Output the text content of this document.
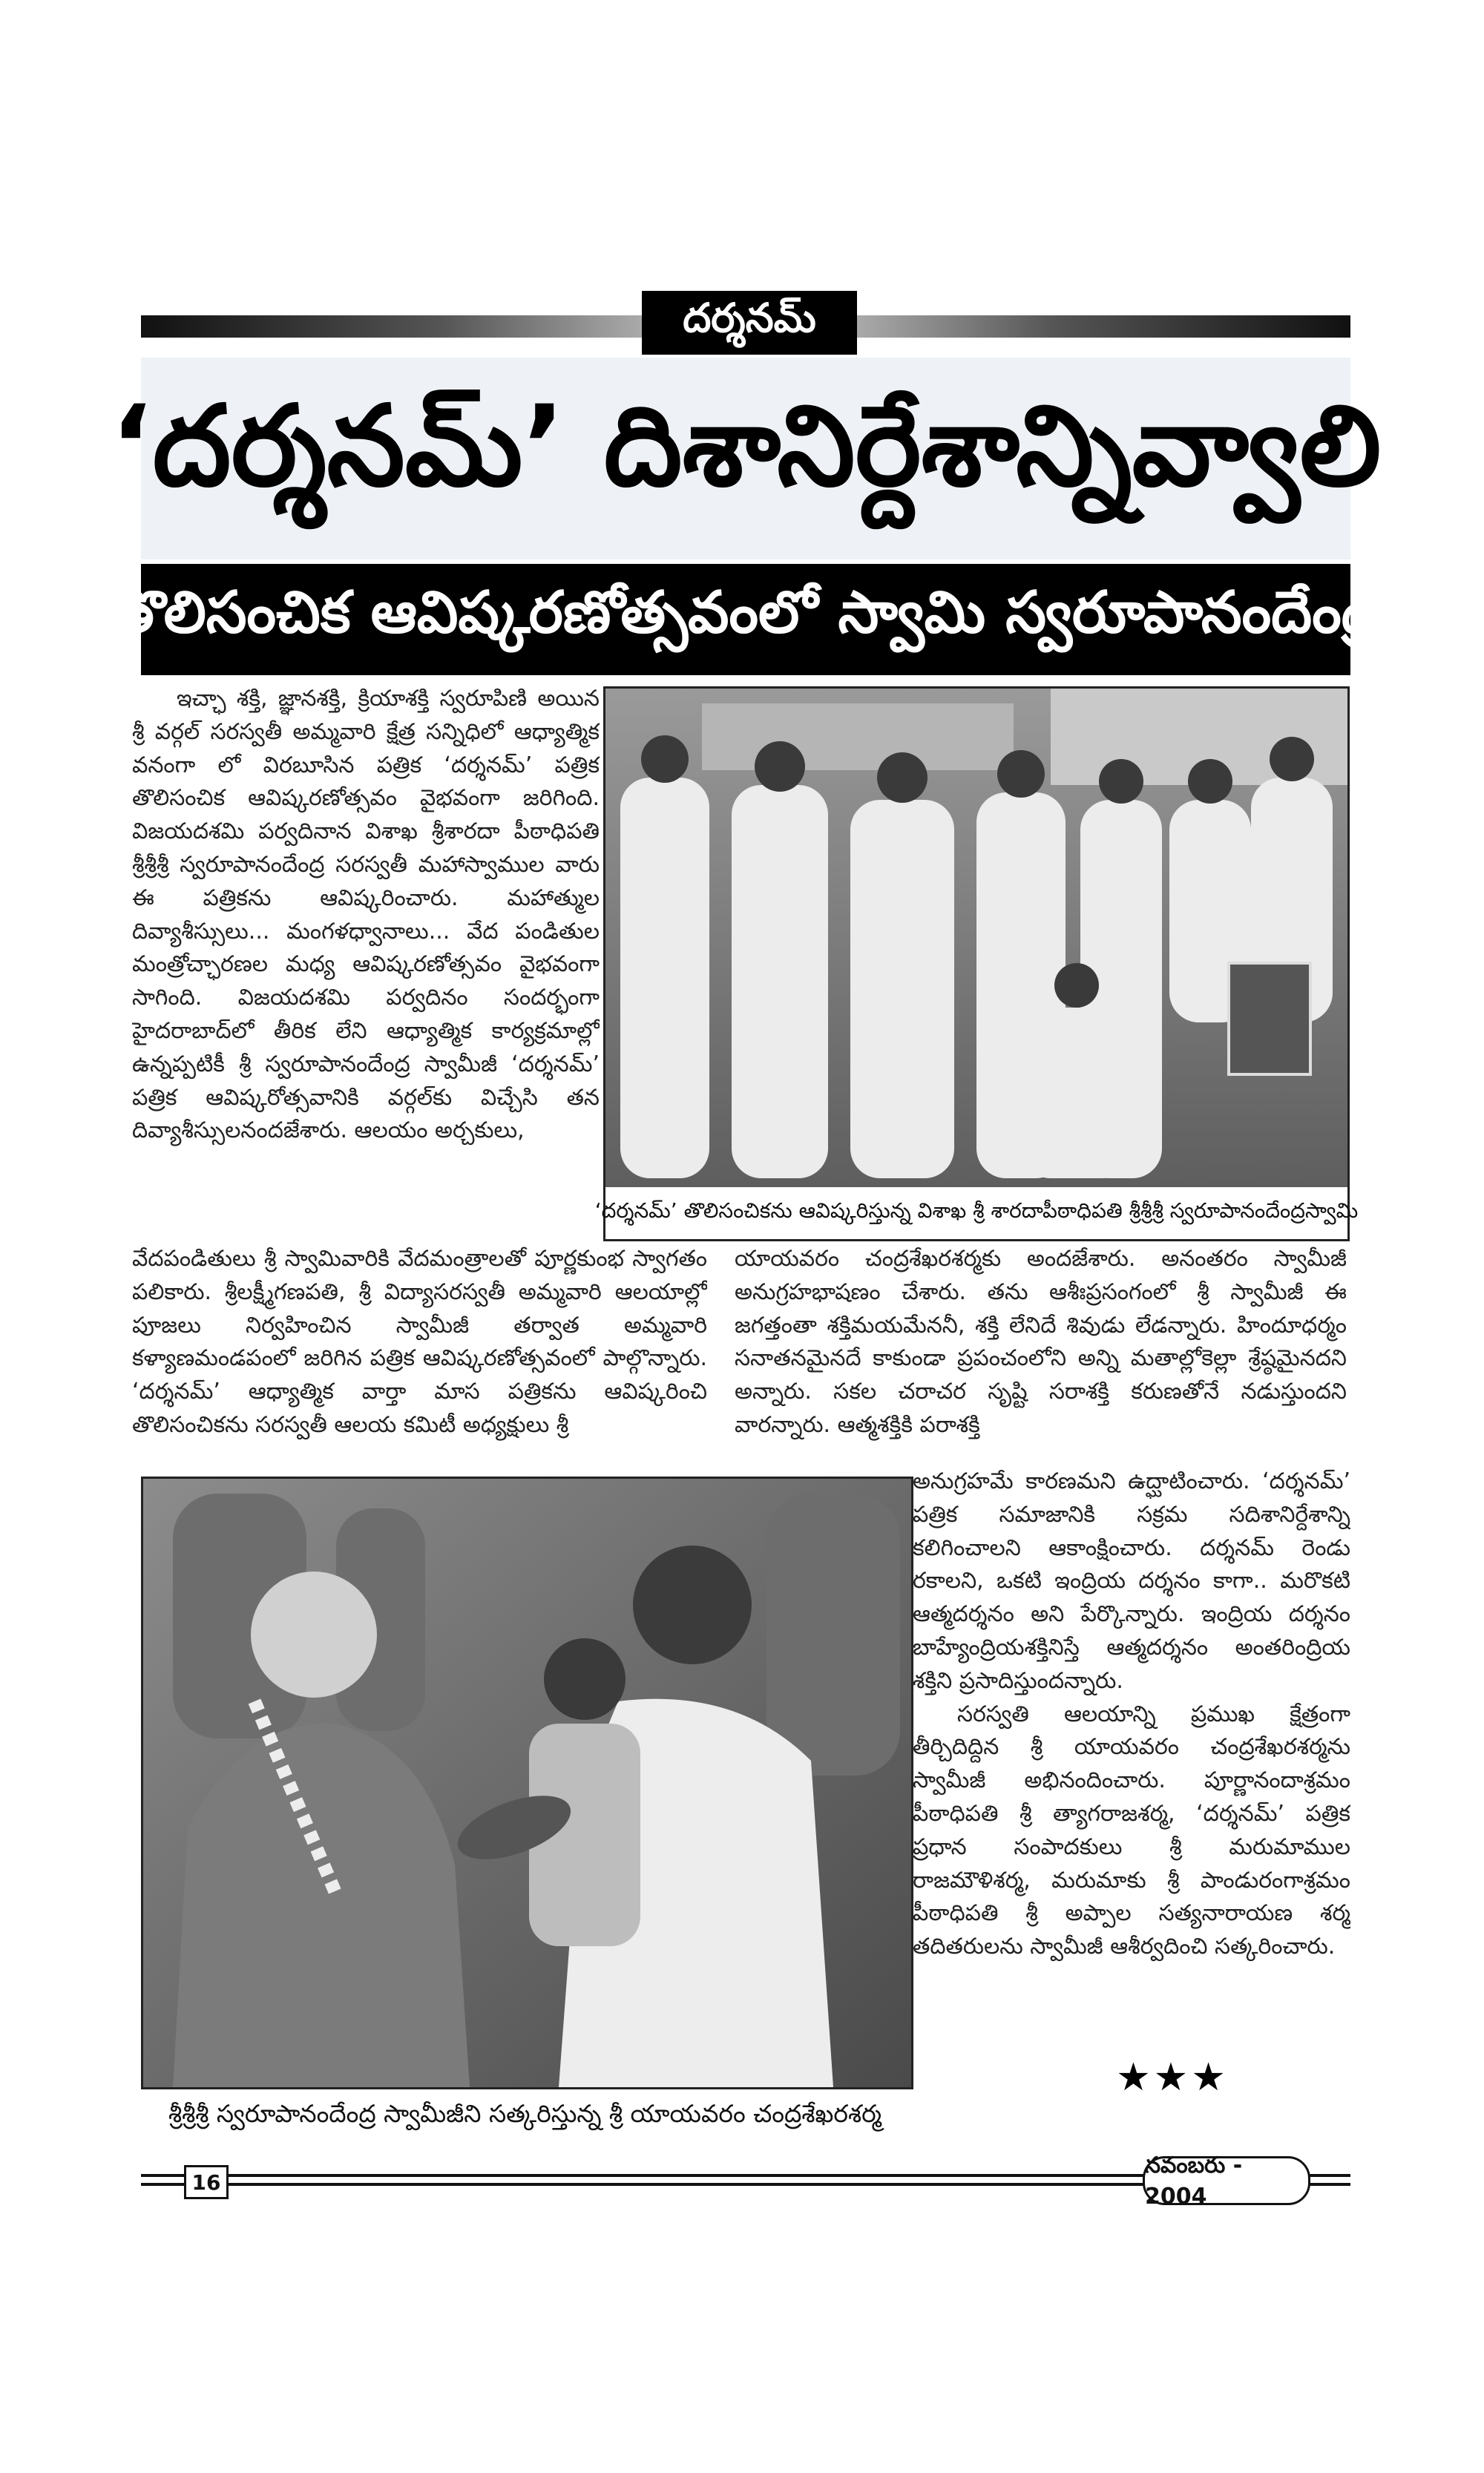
దర్శనమ్
‘దర్శనమ్’ దిశానిర్దేశాన్నివ్వాలి
తొలిసంచిక ఆవిష్కరణోత్సవంలో స్వామి స్వరూపానందేంద్ర

ఇచ్ఛా శక్తి, జ్ఞానశక్తి, క్రియాశక్తి స్వరూపిణి అయిన శ్రీ వర్గల్ సరస్వతీ అమ్మవారి క్షేత్ర సన్నిధిలో ఆధ్యాత్మిక వనంగా లో విరబూసిన పత్రిక ‘దర్శనమ్’ పత్రిక తొలిసంచిక ఆవిష్కరణోత్సవం వైభవంగా జరిగింది. విజయదశమి పర్వదినాన విశాఖ శ్రీశారదా పీఠాధిపతి శ్రీశ్రీశ్రీ స్వరూపానందేంద్ర సరస్వతీ మహాస్వాముల వారు ఈ పత్రికను ఆవిష్కరించారు. మహాత్ముల దివ్యాశీస్సులు... మంగళధ్వానాలు... వేద పండితుల మంత్రోచ్ఛారణల మధ్య ఆవిష్కరణోత్సవం వైభవంగా సాగింది. విజయదశమి పర్వదినం సందర్భంగా హైదరాబాద్‌లో తీరిక లేని ఆధ్యాత్మిక కార్యక్రమాల్లో ఉన్నప్పటికీ శ్రీ స్వరూపానందేంద్ర స్వామీజీ ‘దర్శనమ్’ పత్రిక ఆవిష్కరోత్సవానికి వర్గల్‌కు విచ్చేసి తన దివ్యాశీస్సులనందజేశారు. ఆలయం అర్చకులు,

‘దర్శనమ్’ తొలిసంచికను ఆవిష్కరిస్తున్న విశాఖ శ్రీ శారదాపీఠాధిపతి శ్రీశ్రీశ్రీ స్వరూపానందేంద్రస్వామి

వేదపండితులు శ్రీ స్వామివారికి వేదమంత్రాలతో పూర్ణకుంభ స్వాగతం పలికారు. శ్రీలక్ష్మీగణపతి, శ్రీ విద్యాసరస్వతీ అమ్మవారి ఆలయాల్లో పూజలు నిర్వహించిన స్వామీజీ తర్వాత అమ్మవారి కళ్యాణమండపంలో జరిగిన పత్రిక ఆవిష్కరణోత్సవంలో పాల్గొన్నారు. ‘దర్శనమ్’ ఆధ్యాత్మిక వార్తా మాస పత్రికను ఆవిష్కరించి తొలిసంచికను సరస్వతీ ఆలయ కమిటీ అధ్యక్షులు శ్రీ

యాయవరం చంద్రశేఖరశర్మకు అందజేశారు. అనంతరం స్వామీజీ అనుగ్రహభాషణం చేశారు. తను ఆశీఃప్రసంగంలో శ్రీ స్వామీజీ ఈ జగత్తంతా శక్తిమయమేననీ, శక్తి లేనిదే శివుడు లేడన్నారు. హిందూధర్మం సనాతనమైనదే కాకుండా ప్రపంచంలోని అన్ని మతాల్లోకెల్లా శ్రేష్ఠమైనదని అన్నారు. సకల చరాచర సృష్టి సరాశక్తి కరుణతోనే నడుస్తుందని వారన్నారు. ఆత్మశక్తికి పరాశక్తి

శ్రీశ్రీశ్రీ స్వరూపానందేంద్ర స్వామీజీని సత్కరిస్తున్న శ్రీ యాయవరం చంద్రశేఖరశర్మ

అనుగ్రహమే కారణమని ఉద్ఘాటించారు. ‘దర్శనమ్’ పత్రిక సమాజానికి సక్రమ సదిశానిర్దేశాన్ని కలిగించాలని ఆకాంక్షించారు. దర్శనమ్ రెండు రకాలని, ఒకటి ఇంద్రియ దర్శనం కాగా.. మరొకటి ఆత్మదర్శనం అని పేర్కొన్నారు. ఇంద్రియ దర్శనం బాహ్యేంద్రియశక్తినిస్తే ఆత్మదర్శనం అంతరింద్రియ శక్తిని ప్రసాదిస్తుందన్నారు.

సరస్వతి ఆలయాన్ని ప్రముఖ క్షేత్రంగా తీర్చిదిద్దిన శ్రీ యాయవరం చంద్రశేఖరశర్మను స్వామీజీ అభినందించారు. పూర్ణానందాశ్రమం పీఠాధిపతి శ్రీ త్యాగరాజశర్మ, ‘దర్శనమ్’ పత్రిక ప్రధాన సంపాదకులు శ్రీ మరుమాముల రాజమౌళిశర్మ, మరుమాకు శ్రీ పాండురంగాశ్రమం పీఠాధిపతి శ్రీ అప్పాల సత్యనారాయణ శర్మ తదితరులను స్వామీజీ ఆశీర్వదించి సత్కరించారు.

★★★
16
నవంబరు - 2004
